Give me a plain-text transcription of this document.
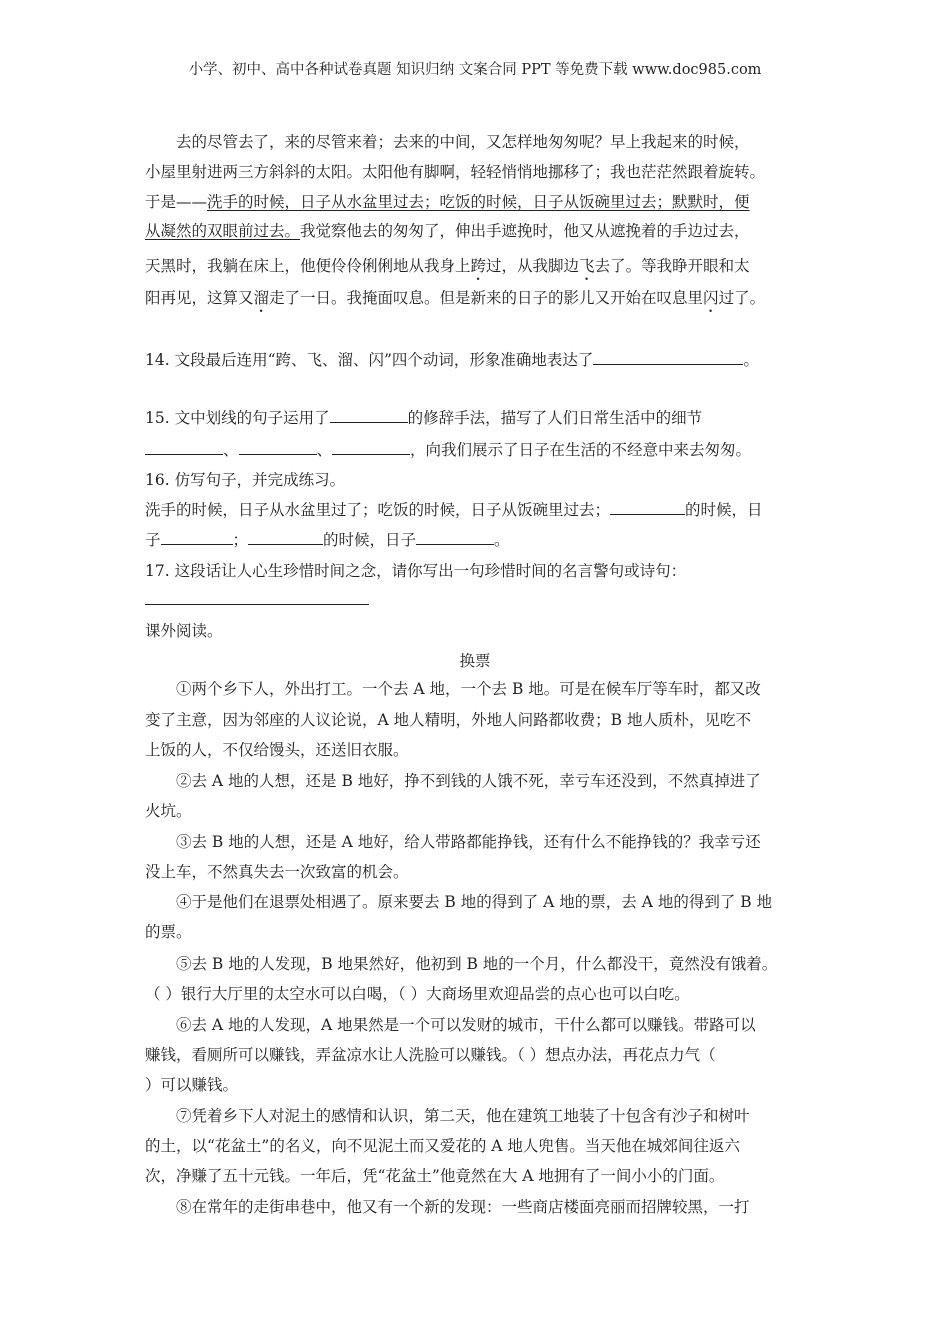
小学、初中、高中各种试卷真题 知识归纳 文案合同 PPT 等免费下载 www.doc985.com
去的尽管去了，来的尽管来着；去来的中间，又怎样地匆匆呢？早上我起来的时候，
小屋里射进两三方斜斜的太阳。太阳他有脚啊，轻轻悄悄地挪移了；我也茫茫然跟着旋转。
于是——洗手的时候，日子从水盆里过去；吃饭的时候，日子从饭碗里过去；默默时，便
从凝然的双眼前过去。我觉察他去的匆匆了，伸出手遮挽时，他又从遮挽着的手边过去，
天黑时，我躺在床上，他便伶伶俐俐地从我身上跨过，从我脚边飞去了。等我睁开眼和太
阳再见，这算又溜走了一日。我掩面叹息。但是新来的日子的影儿又开始在叹息里闪过了。
14. 文段最后连用“跨、飞、溜、闪”四个动词，形象准确地表达了	。
15. 文中划线的句子运用了	的修辞手法，描写了人们日常生活中的细节
、	、	，向我们展示了日子在生活的不经意中来去匆匆。
16. 仿写句子，并完成练习。
洗手的时候，日子从水盆里过了；吃饭的时候，日子从饭碗里过去；	的时候，日
子	；	的时候，日子	。
17. 这段话让人心生珍惜时间之念，请你写出一句珍惜时间的名言警句或诗句：
课外阅读。
换票
①两个乡下人，外出打工。一个去 A 地，一个去 B 地。可是在候车厅等车时，都又改
变了主意，因为邻座的人议论说，A 地人精明，外地人问路都收费；B 地人质朴，见吃不
上饭的人，不仅给馒头，还送旧衣服。
②去 A 地的人想，还是 B 地好，挣不到钱的人饿不死，幸亏车还没到，不然真掉进了
火坑。
③去 B 地的人想，还是 A 地好，给人带路都能挣钱，还有什么不能挣钱的？我幸亏还
没上车，不然真失去一次致富的机会。
④于是他们在退票处相遇了。原来要去 B 地的得到了 A 地的票，去 A 地的得到了 B 地
的票。
⑤去 B 地的人发现，B 地果然好，他初到 B 地的一个月，什么都没干，竟然没有饿着。
（ ）银行大厅里的太空水可以白喝，（ ）大商场里欢迎品尝的点心也可以白吃。
⑥去 A 地的人发现，A 地果然是一个可以发财的城市，干什么都可以赚钱。带路可以
赚钱，看厕所可以赚钱，弄盆凉水让人洗脸可以赚钱。（ ）想点办法，再花点力气（
）可以赚钱。
⑦凭着乡下人对泥土的感情和认识，第二天，他在建筑工地装了十包含有沙子和树叶
的土，以“花盆土”的名义，向不见泥土而又爱花的 A 地人兜售。当天他在城郊间往返六
次，净赚了五十元钱。一年后，凭“花盆土”他竟然在大 A 地拥有了一间小小的门面。
⑧在常年的走街串巷中，他又有一个新的发现：一些商店楼面亮丽而招牌较黑，一打
